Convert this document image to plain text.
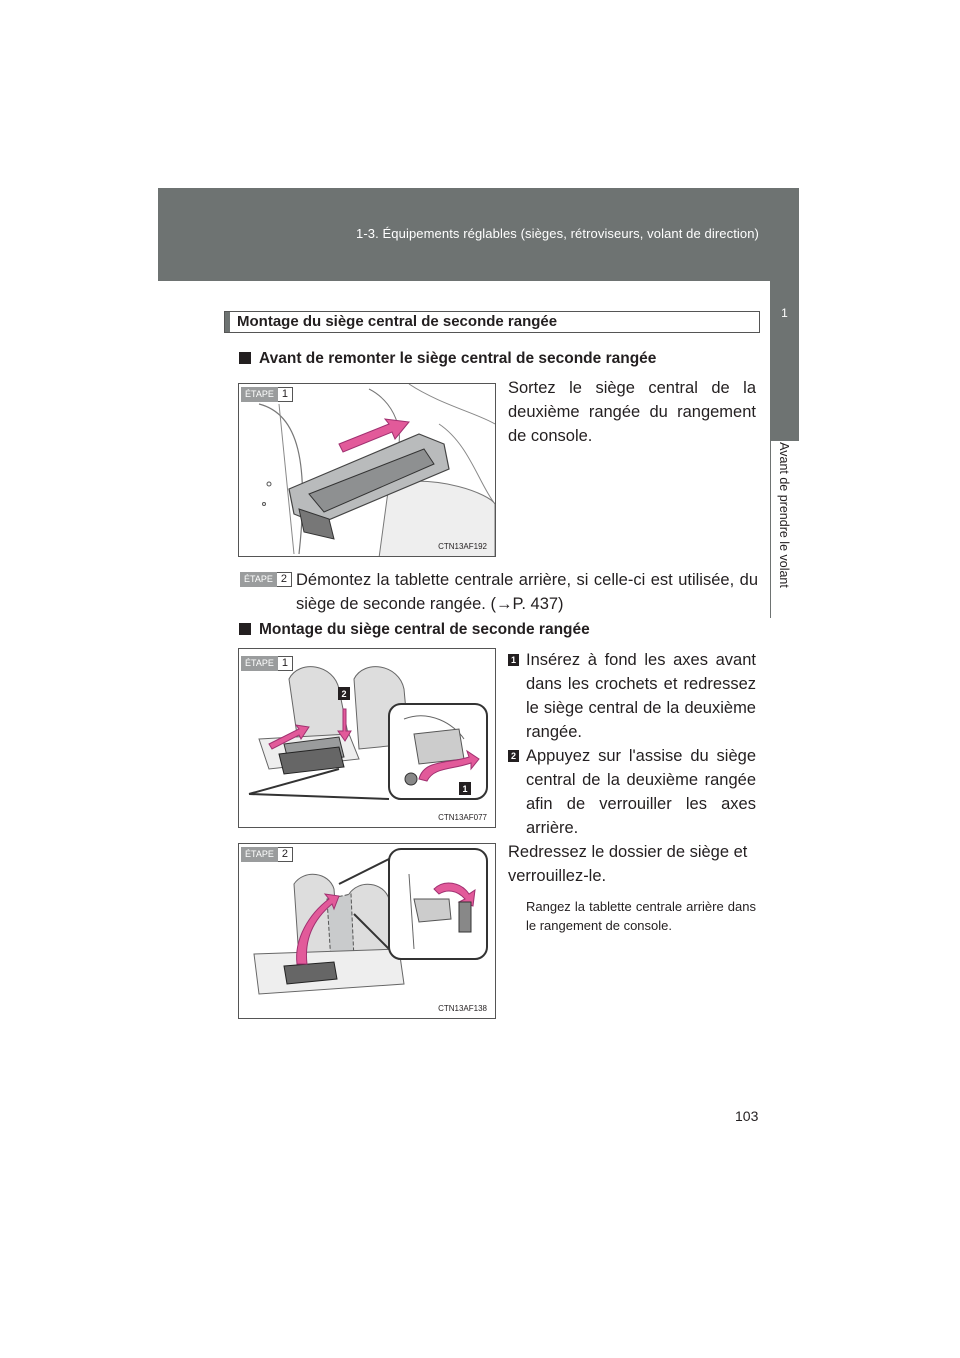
1-3. Équipements réglables (sièges, rétroviseurs, volant de direction)
1
Avant de prendre le volant
Montage du siège central de seconde rangée
Avant de remonter le siège central de seconde rangée
ÉTAPE 1
CTN13AF192
Sortez le siège central de la deuxième rangée du rangement de console.
ÉTAPE 2 Démontez la tablette centrale arrière, si celle-ci est utilisée, du
siège de seconde rangée. (→P. 437)
Montage du siège central de seconde rangée
2
1
ÉTAPE 1
CTN13AF077
1 Insérez à fond les axes avant dans les crochets et redressez le siège central de la deuxième rangée.
2 Appuyez sur l'assise du siège central de la deuxième rangée afin de verrouiller les axes arrière.
ÉTAPE 2
CTN13AF138
Redressez le dossier de siège et verrouillez-le.
Rangez la tablette centrale arrière dans le rangement de console.
103
